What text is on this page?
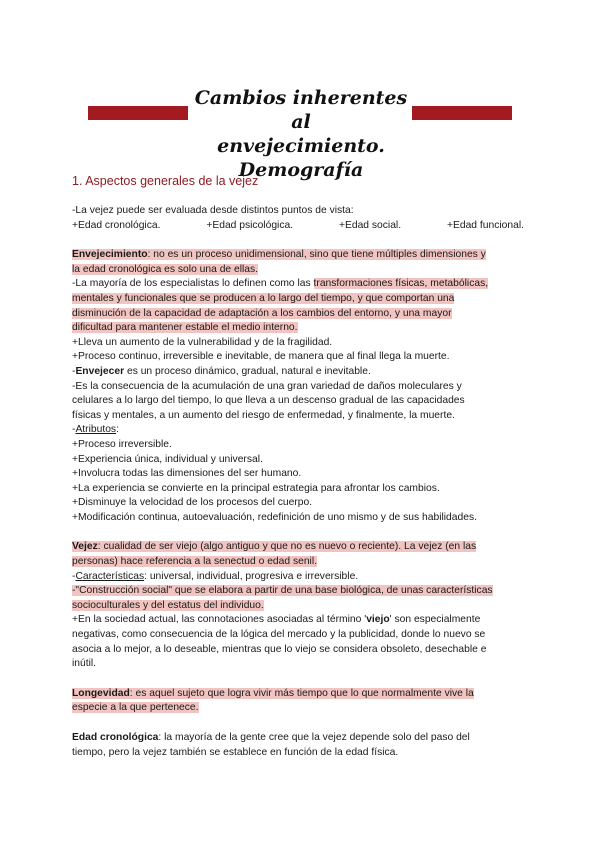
Cambios inherentes al
envejecimiento. Demografía
1. Aspectos generales de la vejez
-La vejez puede ser evaluada desde distintos puntos de vista:
+Edad cronológica.	+Edad psicológica.	+Edad social.	+Edad funcional.
Envejecimiento: no es un proceso unidimensional, sino que tiene múltiples dimensiones y
la edad cronológica es solo una de ellas.
-La mayoría de los especialistas lo definen como las transformaciones físicas, metabólicas,
mentales y funcionales que se producen a lo largo del tiempo, y que comportan una
disminución de la capacidad de adaptación a los cambios del entorno, y una mayor
dificultad para mantener estable el medio interno.
+Lleva un aumento de la vulnerabilidad y de la fragilidad.
+Proceso continuo, irreversible e inevitable, de manera que al final llega la muerte.
-Envejecer es un proceso dinámico, gradual, natural e inevitable.
-Es la consecuencia de la acumulación de una gran variedad de daños moleculares y
celulares a lo largo del tiempo, lo que lleva a un descenso gradual de las capacidades
físicas y mentales, a un aumento del riesgo de enfermedad, y finalmente, la muerte.
-Atributos:
+Proceso irreversible.
+Experiencia única, individual y universal.
+Involucra todas las dimensiones del ser humano.
+La experiencia se convierte en la principal estrategia para afrontar los cambios.
+Disminuye la velocidad de los procesos del cuerpo.
+Modificación continua, autoevaluación, redefinición de uno mismo y de sus habilidades.
Vejez: cualidad de ser viejo (algo antiguo y que no es nuevo o reciente). La vejez (en las
personas) hace referencia a la senectud o edad senil.
-Características: universal, individual, progresiva e irreversible.
-"Construcción social" que se elabora a partir de una base biológica, de unas características
socioculturales y del estatus del individuo.
+En la sociedad actual, las connotaciones asociadas al término 'viejo' son especialmente
negativas, como consecuencia de la lógica del mercado y la publicidad, donde lo nuevo se
asocia a lo mejor, a lo deseable, mientras que lo viejo se considera obsoleto, desechable e
inútil.
Longevidad: es aquel sujeto que logra vivir más tiempo que lo que normalmente vive la
especie a la que pertenece.
Edad cronológica: la mayoría de la gente cree que la vejez depende solo del paso del
tiempo, pero la vejez también se establece en función de la edad física.
